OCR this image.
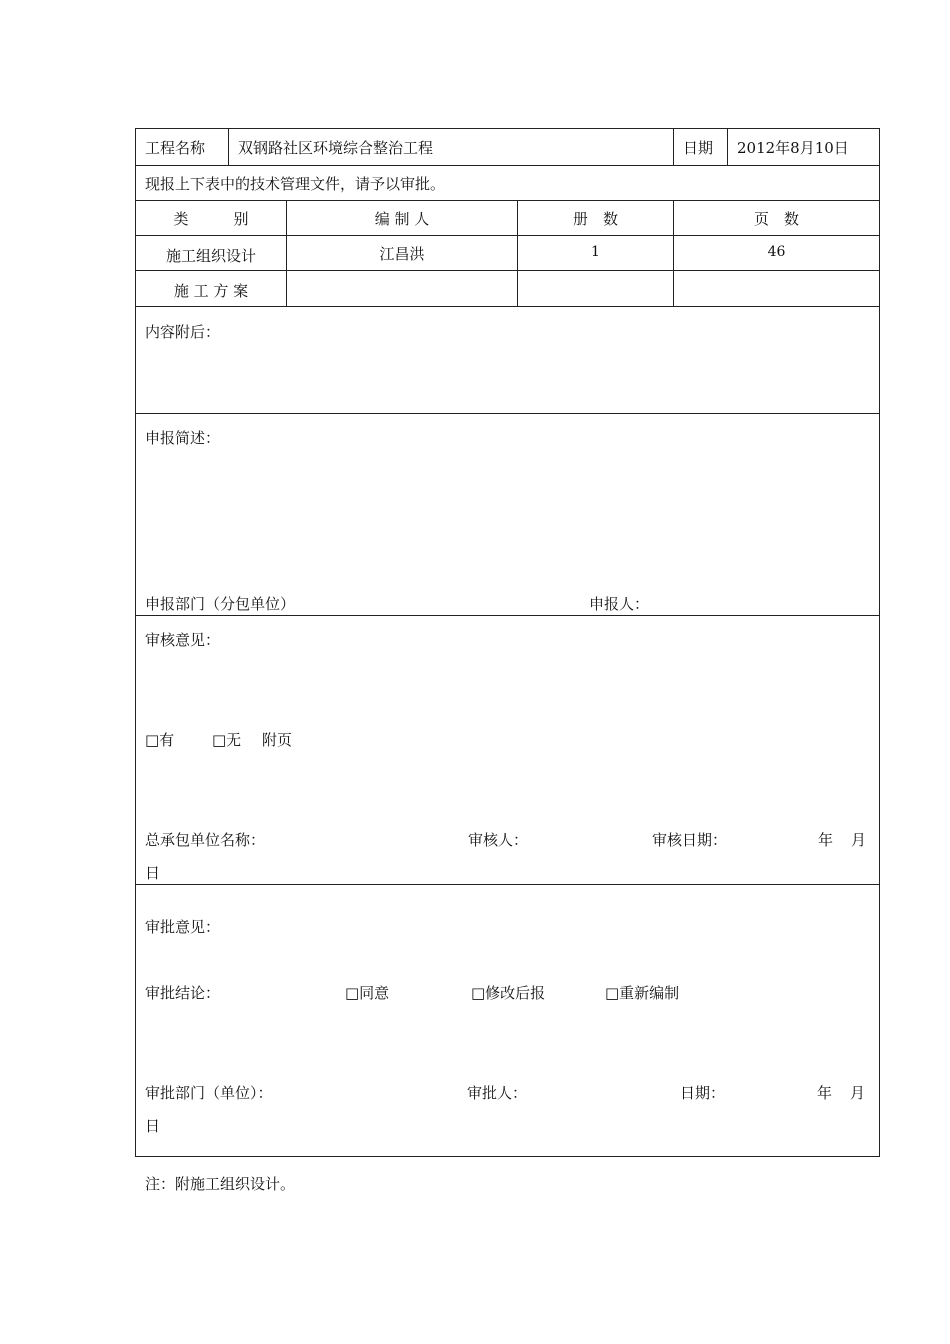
工程名称 双钢路社区环境综合整治工程	日期 2012年8月10日
现报上下表中的技术管理文件，请予以审批。
类　　　别	编 制 人	册　数	页　数
施工组织设计	江昌洪	1	46
施 工 方 案
内容附后：
申报简述：
申报部门（分包单位）	申报人：
审核意见：
□有	□无 附页
总承包单位名称：	审核人：	审核日期：	年 月
日
审批意见：
审批结论：	□同意	□修改后报	□重新编制
审批部门（单位）：	审批人：	日期：	年 月
日
注：附施工组织设计。
